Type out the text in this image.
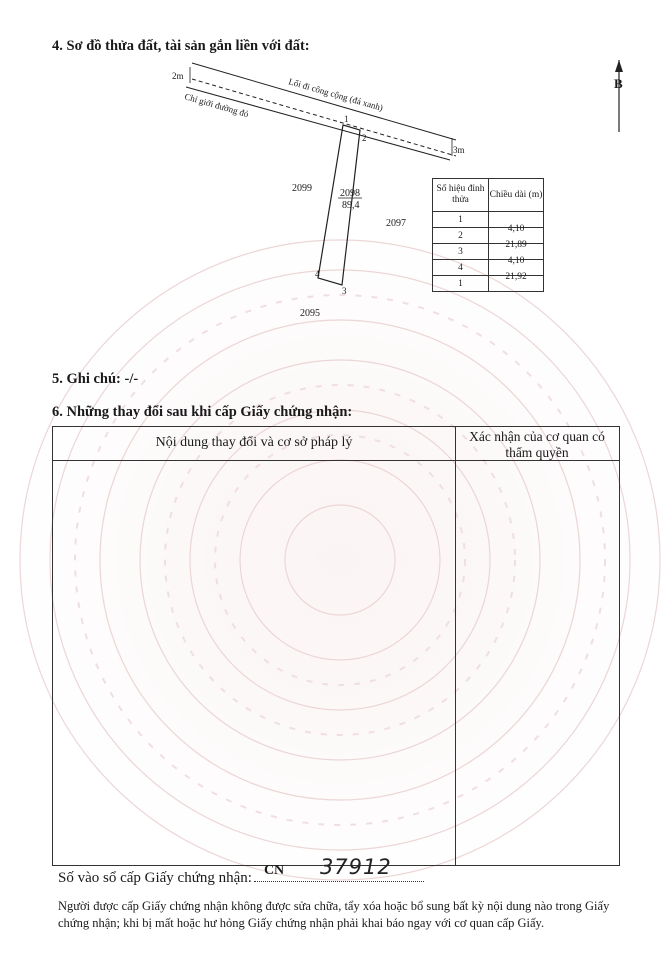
4. Sơ đồ thửa đất, tài sản gắn liền với đất:
2m
3m
Lối đi công cộng (đá xanh)
Chỉ giới đường đỏ	1
2
3
4
2098
89,4
2099
2097
2095
B
Số hiệu đỉnh thửa	Chiều dài (m)
1	

2	4,10

3	21,89

4	4,10

1	21,92
5. Ghi chú: -/-
6. Những thay đổi sau khi cấp Giấy chứng nhận:
Nội dung thay đổi và cơ sở pháp lý	Xác nhận của cơ quan có thẩm quyền
Số vào sổ cấp Giấy chứng nhận: CN 37912
Người được cấp Giấy chứng nhận không được sửa chữa, tẩy xóa hoặc bổ sung bất kỳ nội dung nào trong Giấy chứng nhận; khi bị mất hoặc hư hỏng Giấy chứng nhận phải khai báo ngay với cơ quan cấp Giấy.
